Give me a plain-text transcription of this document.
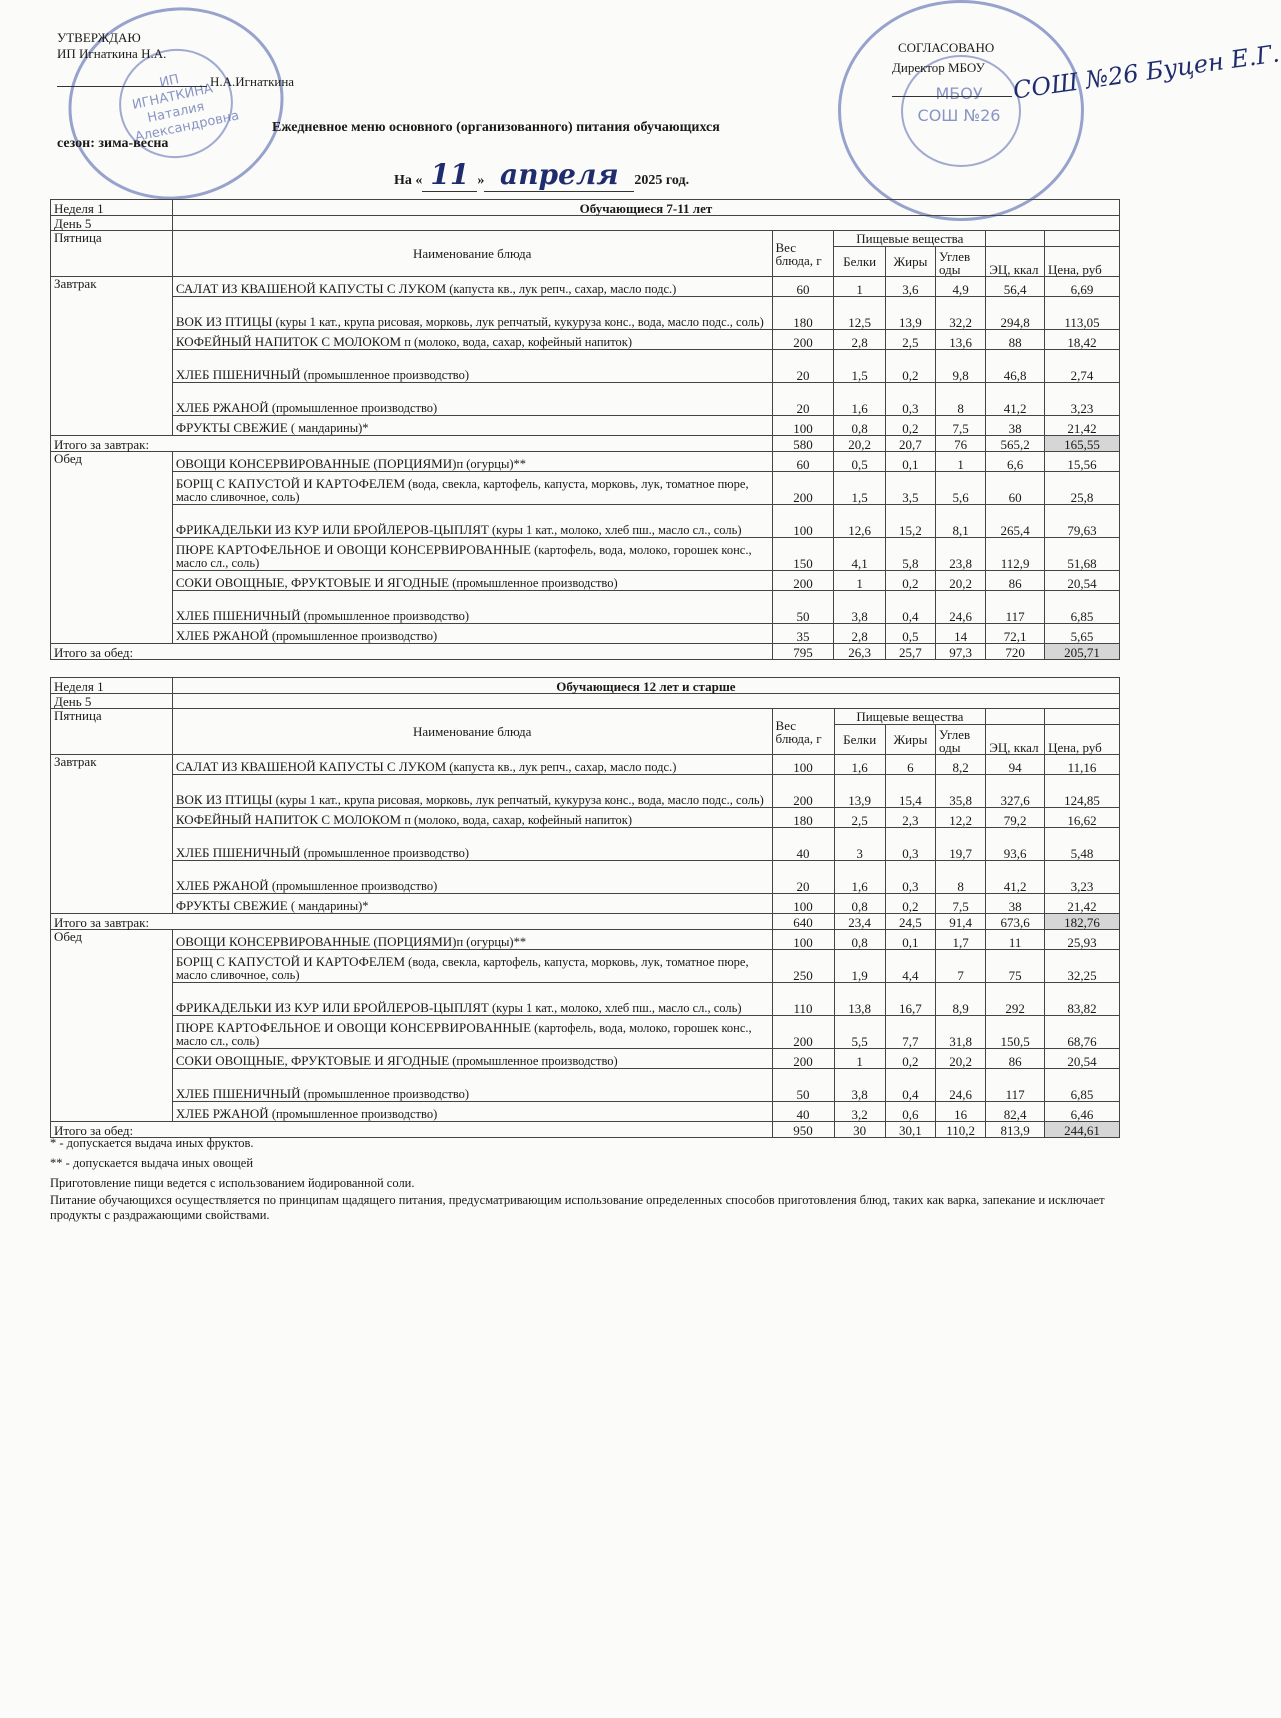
ИП ИГНАТКИНА Наталия Александровна
МБОУ СОШ №26
УТВЕРЖДАЮ
ИП Игнаткина Н.А.
Н.А.Игнаткина
СОГЛАСОВАНО
Директор МБОУ СОШ №26 Буцен Е.Г.
Ежедневное меню основного (организованного) питания обучающихся
сезон: зима-весна
На « 11 » апреля 2025 год.
Неделя 1	Обучающиеся 7-11 лет						
День 5							
Пятница	Наименование блюда	Вес блюда, г	Пищевые вещества				
			Белки	Жиры	Углев оды	ЭЦ, ккал	Цена, руб
Завтрак	САЛАТ ИЗ КВАШЕНОЙ КАПУСТЫ С ЛУКОМ (капуста кв., лук репч., сахар, масло подс.)	60	1	3,6	4,9	56,4	6,69
	ВОК ИЗ ПТИЦЫ (куры 1 кат., крупа рисовая, морковь, лук репчатый, кукуруза конс., вода, масло подс., соль)	180	12,5	13,9	32,2	294,8	113,05
	КОФЕЙНЫЙ НАПИТОК С МОЛОКОМ п (молоко, вода, сахар, кофейный напиток)	200	2,8	2,5	13,6	88	18,42
	ХЛЕБ ПШЕНИЧНЫЙ (промышленное производство)	20	1,5	0,2	9,8	46,8	2,74
	ХЛЕБ РЖАНОЙ (промышленное производство)	20	1,6	0,3	8	41,2	3,23
	ФРУКТЫ СВЕЖИЕ ( мандарины)*	100	0,8	0,2	7,5	38	21,42
Итого за завтрак:		580	20,2	20,7	76	565,2	165,55
Обед	ОВОЩИ КОНСЕРВИРОВАННЫЕ (ПОРЦИЯМИ)п (огурцы)**	60	0,5	0,1	1	6,6	15,56
	БОРЩ С КАПУСТОЙ И КАРТОФЕЛЕМ (вода, свекла, картофель, капуста, морковь, лук, томатное пюре, масло сливочное, соль)	200	1,5	3,5	5,6	60	25,8
	ФРИКАДЕЛЬКИ ИЗ КУР ИЛИ БРОЙЛЕРОВ-ЦЫПЛЯТ (куры 1 кат., молоко, хлеб пш., масло сл., соль)	100	12,6	15,2	8,1	265,4	79,63
	ПЮРЕ КАРТОФЕЛЬНОЕ И ОВОЩИ КОНСЕРВИРОВАННЫЕ (картофель, вода, молоко, горошек конс., масло сл., соль)	150	4,1	5,8	23,8	112,9	51,68
	СОКИ ОВОЩНЫЕ, ФРУКТОВЫЕ И ЯГОДНЫЕ (промышленное производство)	200	1	0,2	20,2	86	20,54
	ХЛЕБ ПШЕНИЧНЫЙ (промышленное производство)	50	3,8	0,4	24,6	117	6,85
	ХЛЕБ РЖАНОЙ (промышленное производство)	35	2,8	0,5	14	72,1	5,65
Итого за обед:		795	26,3	25,7	97,3	720	205,71
Неделя 1	Обучающиеся 12 лет и старше						
День 5							
Пятница	Наименование блюда	Вес блюда, г	Пищевые вещества				
			Белки	Жиры	Углев оды	ЭЦ, ккал	Цена, руб
Завтрак	САЛАТ ИЗ КВАШЕНОЙ КАПУСТЫ С ЛУКОМ (капуста кв., лук репч., сахар, масло подс.)	100	1,6	6	8,2	94	11,16
	ВОК ИЗ ПТИЦЫ (куры 1 кат., крупа рисовая, морковь, лук репчатый, кукуруза конс., вода, масло подс., соль)	200	13,9	15,4	35,8	327,6	124,85
	КОФЕЙНЫЙ НАПИТОК С МОЛОКОМ п (молоко, вода, сахар, кофейный напиток)	180	2,5	2,3	12,2	79,2	16,62
	ХЛЕБ ПШЕНИЧНЫЙ (промышленное производство)	40	3	0,3	19,7	93,6	5,48
	ХЛЕБ РЖАНОЙ (промышленное производство)	20	1,6	0,3	8	41,2	3,23
	ФРУКТЫ СВЕЖИЕ ( мандарины)*	100	0,8	0,2	7,5	38	21,42
Итого за завтрак:		640	23,4	24,5	91,4	673,6	182,76
Обед	ОВОЩИ КОНСЕРВИРОВАННЫЕ (ПОРЦИЯМИ)п (огурцы)**	100	0,8	0,1	1,7	11	25,93
	БОРЩ С КАПУСТОЙ И КАРТОФЕЛЕМ (вода, свекла, картофель, капуста, морковь, лук, томатное пюре, масло сливочное, соль)	250	1,9	4,4	7	75	32,25
	ФРИКАДЕЛЬКИ ИЗ КУР ИЛИ БРОЙЛЕРОВ-ЦЫПЛЯТ (куры 1 кат., молоко, хлеб пш., масло сл., соль)	110	13,8	16,7	8,9	292	83,82
	ПЮРЕ КАРТОФЕЛЬНОЕ И ОВОЩИ КОНСЕРВИРОВАННЫЕ (картофель, вода, молоко, горошек конс., масло сл., соль)	200	5,5	7,7	31,8	150,5	68,76
	СОКИ ОВОЩНЫЕ, ФРУКТОВЫЕ И ЯГОДНЫЕ (промышленное производство)	200	1	0,2	20,2	86	20,54
	ХЛЕБ ПШЕНИЧНЫЙ (промышленное производство)	50	3,8	0,4	24,6	117	6,85
	ХЛЕБ РЖАНОЙ (промышленное производство)	40	3,2	0,6	16	82,4	6,46
Итого за обед:		950	30	30,1	110,2	813,9	244,61
* - допускается выдача иных фруктов.
** - допускается выдача иных овощей
Приготовление пищи ведется с использованием йодированной соли.
Питание обучающихся осуществляется по принципам щадящего питания, предусматривающим использование определенных способов приготовления блюд, таких как варка, запекание и исключает продукты с раздражающими свойствами.
